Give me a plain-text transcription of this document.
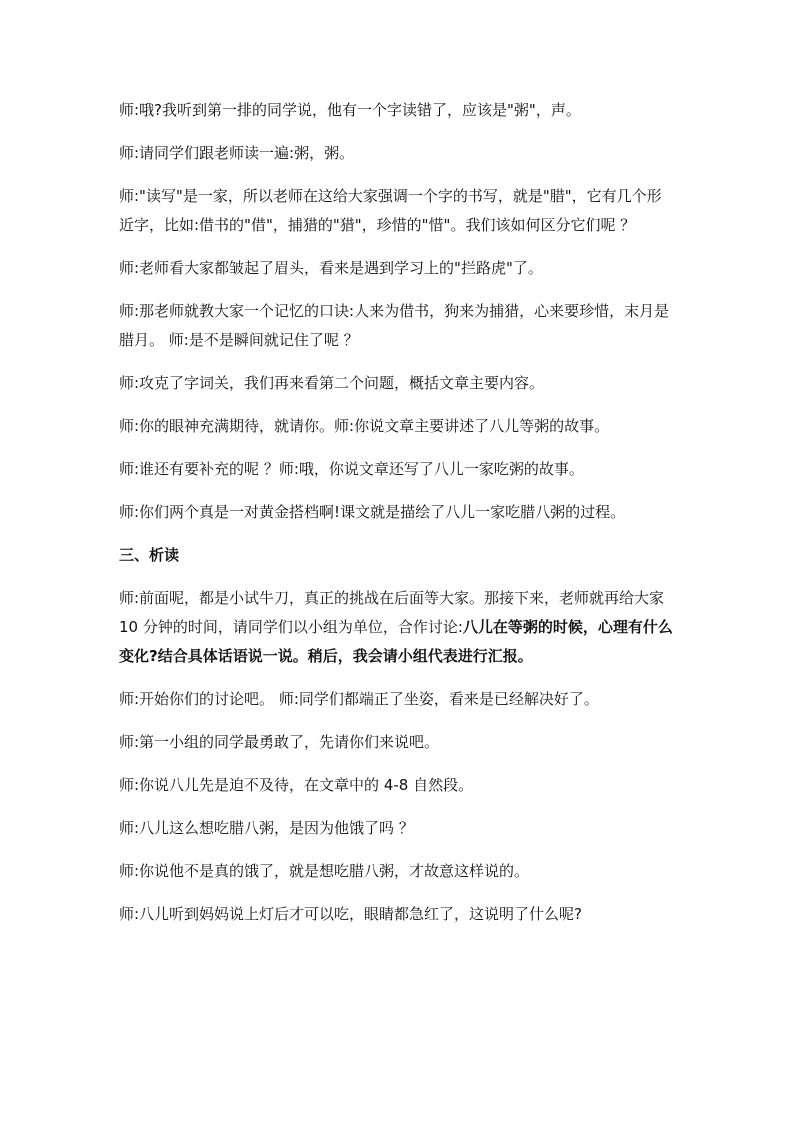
师:哦?我听到第一排的同学说，他有一个字读错了，应该是"粥"，声。

师:请同学们跟老师读一遍:粥，粥。

师:"读写"是一家，所以老师在这给大家强调一个字的书写，就是"腊"，它有几个形近字，比如:借书的"借"，捕猎的"猎"，珍惜的"惜"。我们该如何区分它们呢 ？

师:老师看大家都皱起了眉头，看来是遇到学习上的"拦路虎"了。

师:那老师就教大家一个记忆的口诀:人来为借书，狗来为捕猎，心来要珍惜，末月是腊月。 师:是不是瞬间就记住了呢 ？

师:攻克了字词关，我们再来看第二个问题，概括文章主要内容。

师:你的眼神充满期待，就请你。师:你说文章主要讲述了八儿等粥的故事。

师:谁还有要补充的呢 ？师:哦，你说文章还写了八儿一家吃粥的故事。

师:你们两个真是一对黄金搭档啊!课文就是描绘了八儿一家吃腊八粥的过程。

三、析读

师:前面呢，都是小试牛刀，真正的挑战在后面等大家。那接下来，老师就再给大家 10 分钟的时间，请同学们以小组为单位，合作讨论:八儿在等粥的时候，心理有什么变化?结合具体话语说一说。稍后，我会请小组代表进行汇报。

师:开始你们的讨论吧。 师:同学们都端正了坐姿，看来是已经解决好了。

师:第一小组的同学最勇敢了，先请你们来说吧。

师:你说八儿先是迫不及待，在文章中的 4-8 自然段。

师:八儿这么想吃腊八粥，是因为他饿了吗 ？

师:你说他不是真的饿了，就是想吃腊八粥，才故意这样说的。

师:八儿听到妈妈说上灯后才可以吃，眼睛都急红了，这说明了什么呢?
